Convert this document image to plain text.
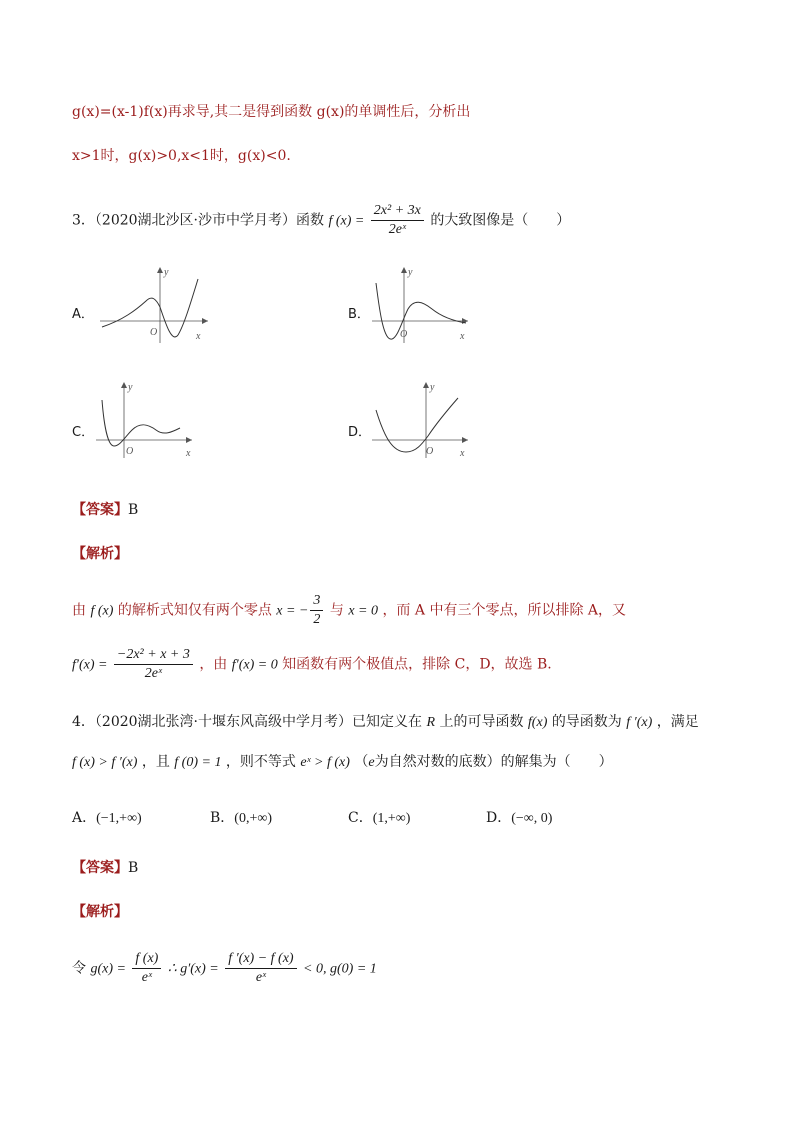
g(x)=(x-1)f(x)再求导,其二是得到函数 g(x)的单调性后，分析出
x>1时，g(x)>0,x<1时，g(x)<0.
3．（2020湖北沙区·沙市中学月考）函数 f $(x) = \frac{\text{2x² + 3x}}{\text{2eˣ}}$ 的大致图像是（　　）
A．
y
x
O
B．
y
x
O
C．
y
x
O
D．
y
x
O
【答案】B
【解析】
由 f (x) 的解析式知仅有两个零点 x = − $\frac{3}{2}$ 与 x = 0 ，而 A 中有三个零点，所以排除 A，又
$f'(x) = \frac{\text{−2x² + x + 3}}{\text{2eˣ}}$ ，由 f′(x) = 0 知函数有两个极值点，排除 C，D，故选 B.
4．（2020湖北张湾·十堰东风高级中学月考）已知定义在 R 上的可导函数 f(x) 的导函数为 f ′(x) ，满足
f (x) > f ′(x) ，且 f (0) = 1 ，则不等式 eˣ > f (x) （e为自然对数的底数）的解集为（　　）
A．(−1,+∞)	B．(0,+∞)	C．(1,+∞)	D．(−∞, 0)
【答案】B
【解析】
令 $g(x) = \frac{f (x)}{\text{eˣ}}$ ∴ $g'(x) = \frac{f '(x) - f (x)}{\text{eˣ}} < 0$, g(0) = 1
